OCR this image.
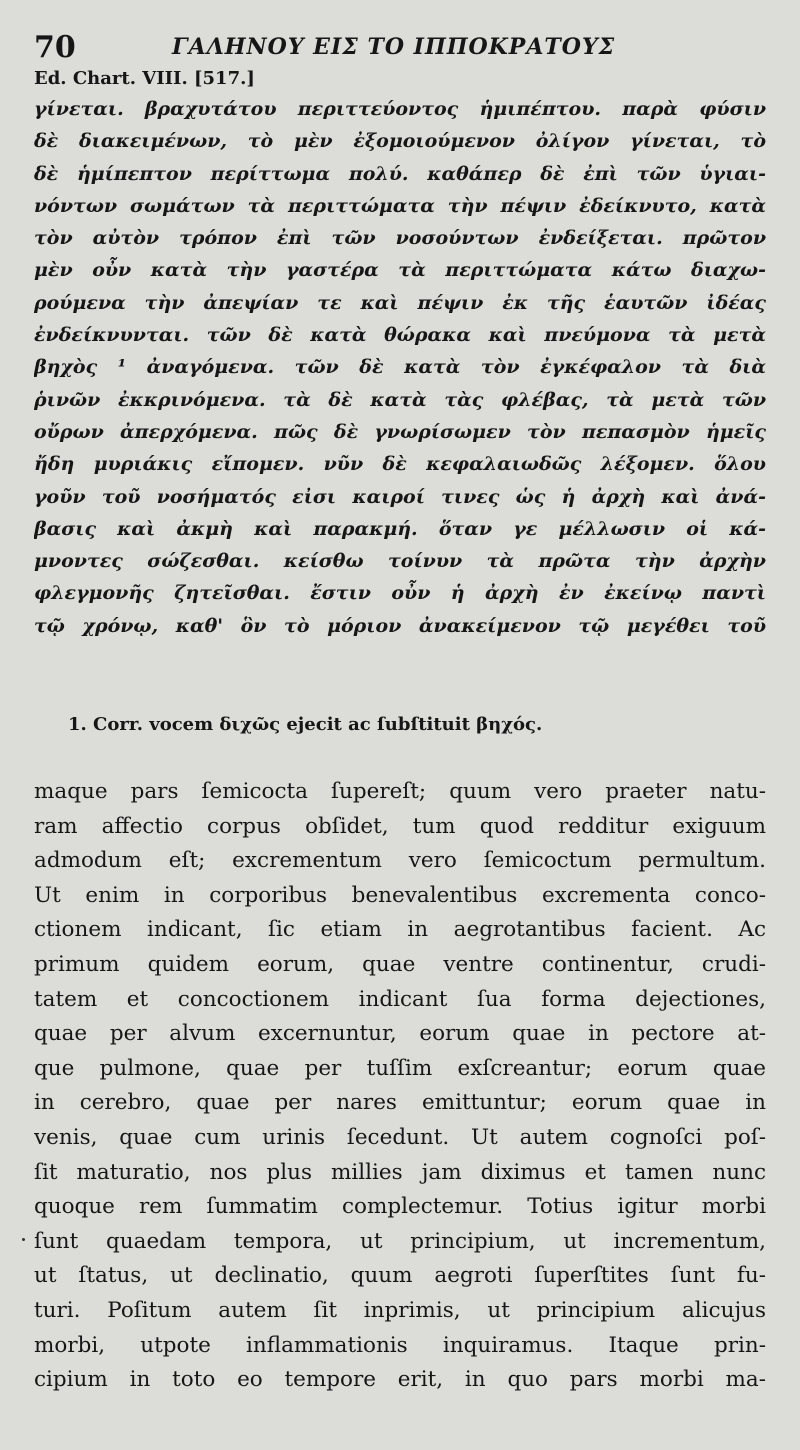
70	ΓΑΛΗΝΟΥ ΕΙΣ ΤΟ ΙΠΠΟΚΡΑΤΟΥΣ
Ed. Chart. VIII. [517.]
γίνεται. βραχυτάτου περιττεύοντος ἡμιπέπτου. παρὰ φύσιν
δὲ διακειμένων, τὸ μὲν ἐξομοιούμενον ὀλίγον γίνεται, τὸ
δὲ ἡμίπεπτον περίττωμα πολύ. καθάπερ δὲ ἐπὶ τῶν ὑγιαι-
νόντων σωμάτων τὰ περιττώματα τὴν πέψιν ἐδείκνυτο, κατὰ
τὸν αὐτὸν τρόπον ἐπὶ τῶν νοσούντων ἐνδείξεται. πρῶτον
μὲν οὖν κατὰ τὴν γαστέρα τὰ περιττώματα κάτω διαχω-
ρούμενα τὴν ἀπεψίαν τε καὶ πέψιν ἐκ τῆς ἑαυτῶν ἰδέας
ἐνδείκνυνται. τῶν δὲ κατὰ θώρακα καὶ πνεύμονα τὰ μετὰ
βηχὸς ¹ ἀναγόμενα. τῶν δὲ κατὰ τὸν ἐγκέφαλον τὰ διὰ
ῥινῶν ἐκκρινόμενα. τὰ δὲ κατὰ τὰς φλέβας, τὰ μετὰ τῶν
οὔρων ἀπερχόμενα. πῶς δὲ γνωρίσωμεν τὸν πεπασμὸν ἡμεῖς
ἤδη μυριάκις εἴπομεν. νῦν δὲ κεφαλαιωδῶς λέξομεν. ὅλου
γοῦν τοῦ νοσήματός εἰσι καιροί τινες ὡς ἡ ἀρχὴ καὶ ἀνά-
βασις καὶ ἀκμὴ καὶ παρακμή. ὅταν γε μέλλωσιν οἱ κά-
μνοντες σώζεσθαι. κείσθω τοίνυν τὰ πρῶτα τὴν ἀρχὴν
φλεγμονῆς ζητεῖσθαι. ἔστιν οὖν ἡ ἀρχὴ ἐν ἐκείνῳ παντὶ
τῷ χρόνῳ, καθ' ὃν τὸ μόριον ἀνακείμενον τῷ μεγέθει τοῦ
1. Corr. vocem διχῶς ejecit ac ſubſtituit βηχός.
maque pars ſemicocta ſupereſt; quum vero praeter natu-
ram affectio corpus obſidet, tum quod redditur exiguum
admodum eſt; excrementum vero ſemicoctum permultum.
Ut enim in corporibus benevalentibus excrementa conco-
ctionem indicant, ſic etiam in aegrotantibus facient. Ac
primum quidem eorum, quae ventre continentur, crudi-
tatem et concoctionem indicant ſua forma dejectiones,
quae per alvum excernuntur, eorum quae in pectore at-
que pulmone, quae per tuſſim exſcreantur; eorum quae
in cerebro, quae per nares emittuntur; eorum quae in
venis, quae cum urinis ſecedunt. Ut autem cognoſci poſ-
ſit maturatio, nos plus millies jam diximus et tamen nunc
quoque rem ſummatim complectemur. Totius igitur morbi
ſunt quaedam tempora, ut principium, ut incrementum,
ut ſtatus, ut declinatio, quum aegroti ſuperſtites ſunt fu-
turi. Poſitum autem ſit inprimis, ut principium alicujus
morbi, utpote inflammationis inquiramus. Itaque prin-
cipium in toto eo tempore erit, in quo pars morbi ma-
